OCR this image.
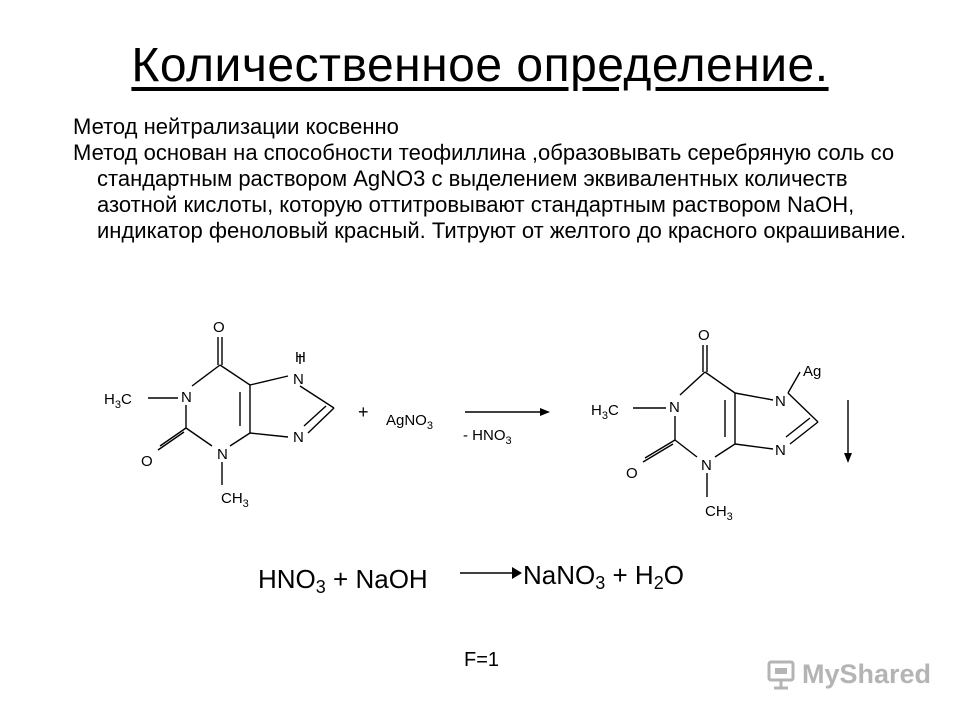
Количественное определение.

Метод нейтрализации косвенно

Метод основан на способности теофиллина ,образовывать серебряную соль со стандартным раствором AgNO3 с выделением эквивалентных количеств азотной кислоты, которую оттитровывают стандартным раствором NaOH, индикатор феноловый красный. Титруют от желтого до красного окрашивание.

O
H
$H_3C$	N
N
N
N
O
$CH_3$
+ AgNO$_3$
- $HNO_3$
O
Ag
$H_3C$	N	N
N
N
O
$CH_3$
HNO3 + NaOH	NaNO3 + H2O
F=1	MyShared
